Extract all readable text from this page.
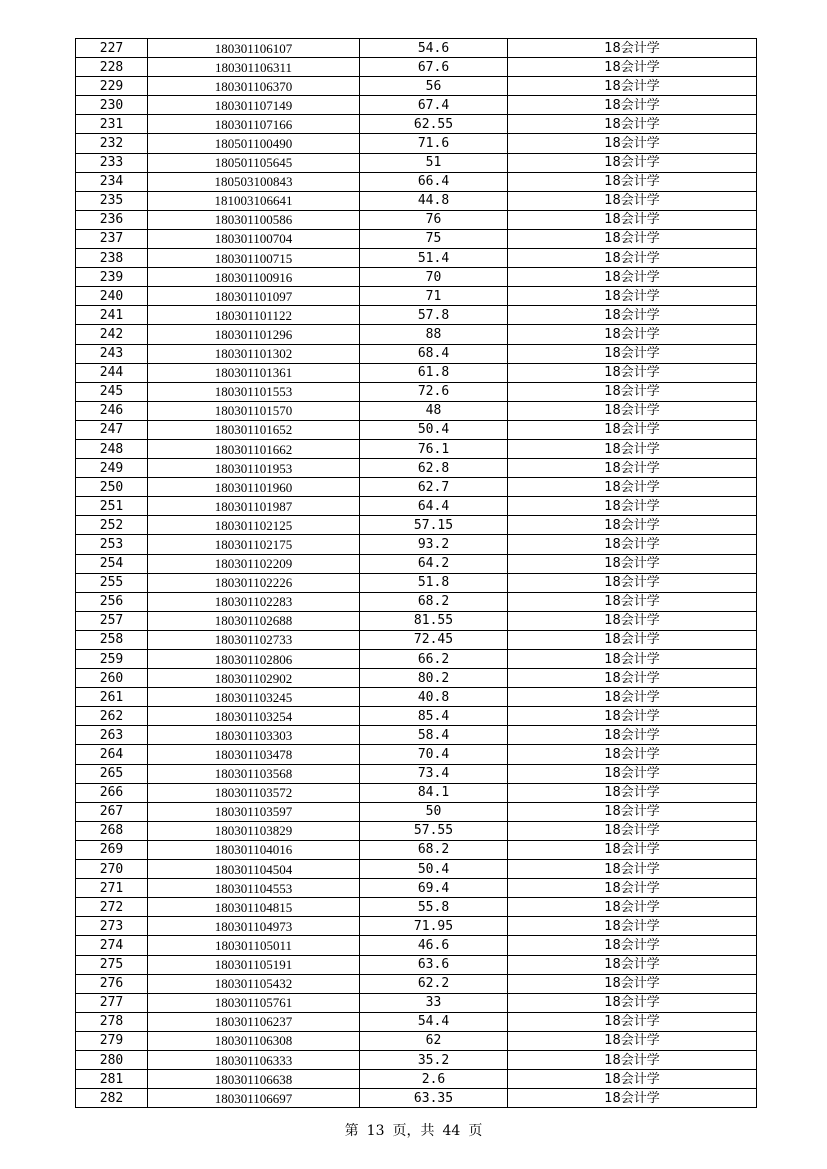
227	180301106107	54.6	18会计学
228	180301106311	67.6	18会计学
229	180301106370	56	18会计学
230	180301107149	67.4	18会计学
231	180301107166	62.55	18会计学
232	180501100490	71.6	18会计学
233	180501105645	51	18会计学
234	180503100843	66.4	18会计学
235	181003106641	44.8	18会计学
236	180301100586	76	18会计学
237	180301100704	75	18会计学
238	180301100715	51.4	18会计学
239	180301100916	70	18会计学
240	180301101097	71	18会计学
241	180301101122	57.8	18会计学
242	180301101296	88	18会计学
243	180301101302	68.4	18会计学
244	180301101361	61.8	18会计学
245	180301101553	72.6	18会计学
246	180301101570	48	18会计学
247	180301101652	50.4	18会计学
248	180301101662	76.1	18会计学
249	180301101953	62.8	18会计学
250	180301101960	62.7	18会计学
251	180301101987	64.4	18会计学
252	180301102125	57.15	18会计学
253	180301102175	93.2	18会计学
254	180301102209	64.2	18会计学
255	180301102226	51.8	18会计学
256	180301102283	68.2	18会计学
257	180301102688	81.55	18会计学
258	180301102733	72.45	18会计学
259	180301102806	66.2	18会计学
260	180301102902	80.2	18会计学
261	180301103245	40.8	18会计学
262	180301103254	85.4	18会计学
263	180301103303	58.4	18会计学
264	180301103478	70.4	18会计学
265	180301103568	73.4	18会计学
266	180301103572	84.1	18会计学
267	180301103597	50	18会计学
268	180301103829	57.55	18会计学
269	180301104016	68.2	18会计学
270	180301104504	50.4	18会计学
271	180301104553	69.4	18会计学
272	180301104815	55.8	18会计学
273	180301104973	71.95	18会计学
274	180301105011	46.6	18会计学
275	180301105191	63.6	18会计学
276	180301105432	62.2	18会计学
277	180301105761	33	18会计学
278	180301106237	54.4	18会计学
279	180301106308	62	18会计学
280	180301106333	35.2	18会计学
281	180301106638	2.6	18会计学
282	180301106697	63.35	18会计学
第 13 页，共 44 页
